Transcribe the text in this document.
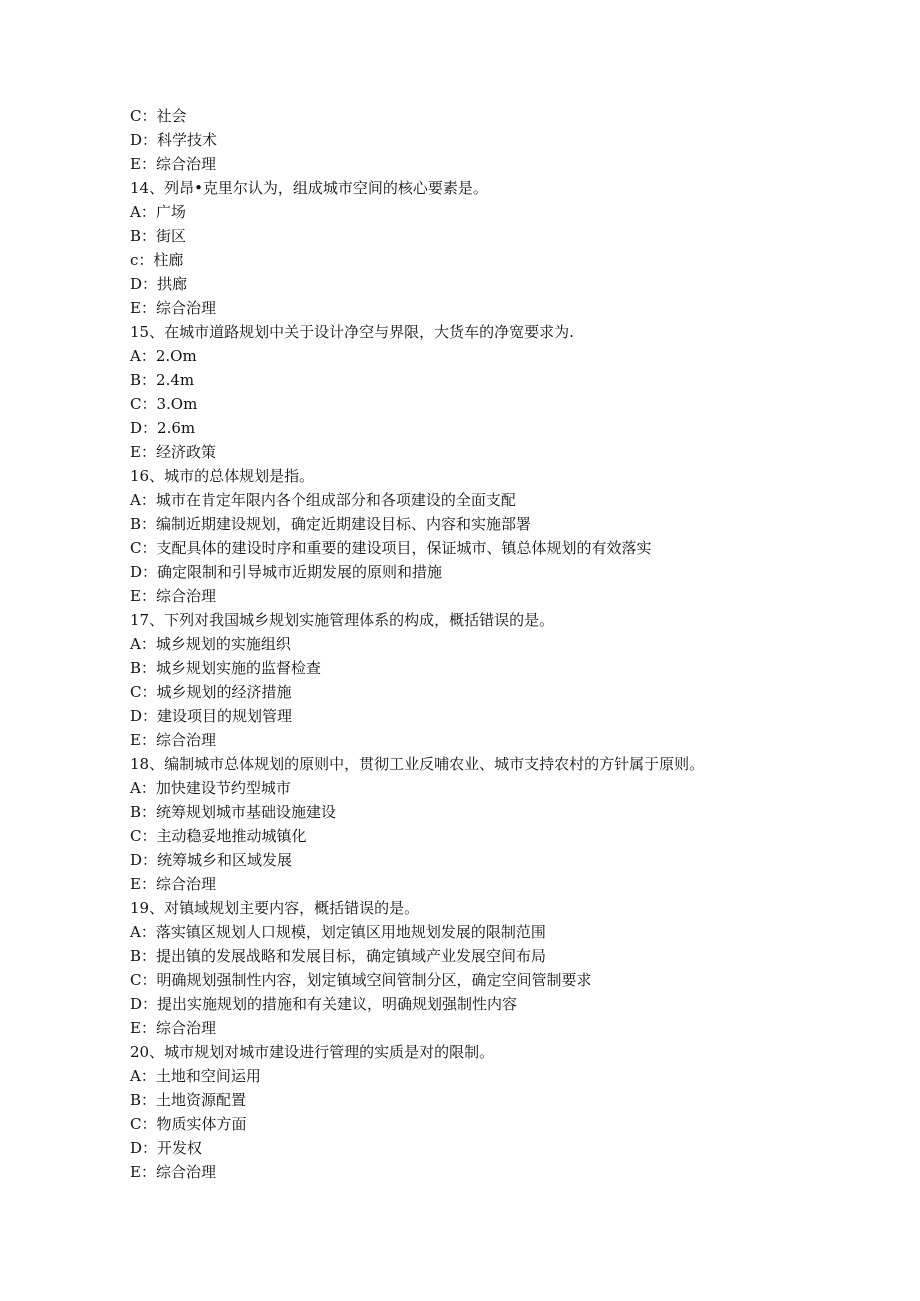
C：社会
D：科学技术
E：综合治理
14、列昂•克里尔认为，组成城市空间的核心要素是。
A：广场
B：街区
c：柱廊
D：拱廊
E：综合治理
15、在城市道路规划中关于设计净空与界限，大货车的净宽要求为.
A：2.Om
B：2.4m
C：3.Om
D：2.6m
E：经济政策
16、城市的总体规划是指。
A：城市在肯定年限内各个组成部分和各项建设的全面支配
B：编制近期建设规划，确定近期建设目标、内容和实施部署
C：支配具体的建设时序和重要的建设项目，保证城市、镇总体规划的有效落实
D：确定限制和引导城市近期发展的原则和措施
E：综合治理
17、下列对我国城乡规划实施管理体系的构成，概括错误的是。
A：城乡规划的实施组织
B：城乡规划实施的监督检查
C：城乡规划的经济措施
D：建设项目的规划管理
E：综合治理
18、编制城市总体规划的原则中，贯彻工业反哺农业、城市支持农村的方针属于原则。
A：加快建设节约型城市
B：统筹规划城市基础设施建设
C：主动稳妥地推动城镇化
D：统筹城乡和区域发展
E：综合治理
19、对镇域规划主要内容，概括错误的是。
A：落实镇区规划人口规模，划定镇区用地规划发展的限制范围
B：提出镇的发展战略和发展目标，确定镇域产业发展空间布局
C：明确规划强制性内容，划定镇域空间管制分区，确定空间管制要求
D：提出实施规划的措施和有关建议，明确规划强制性内容
E：综合治理
20、城市规划对城市建设进行管理的实质是对的限制。
A：土地和空间运用
B：土地资源配置
C：物质实体方面
D：开发权
E：综合治理
